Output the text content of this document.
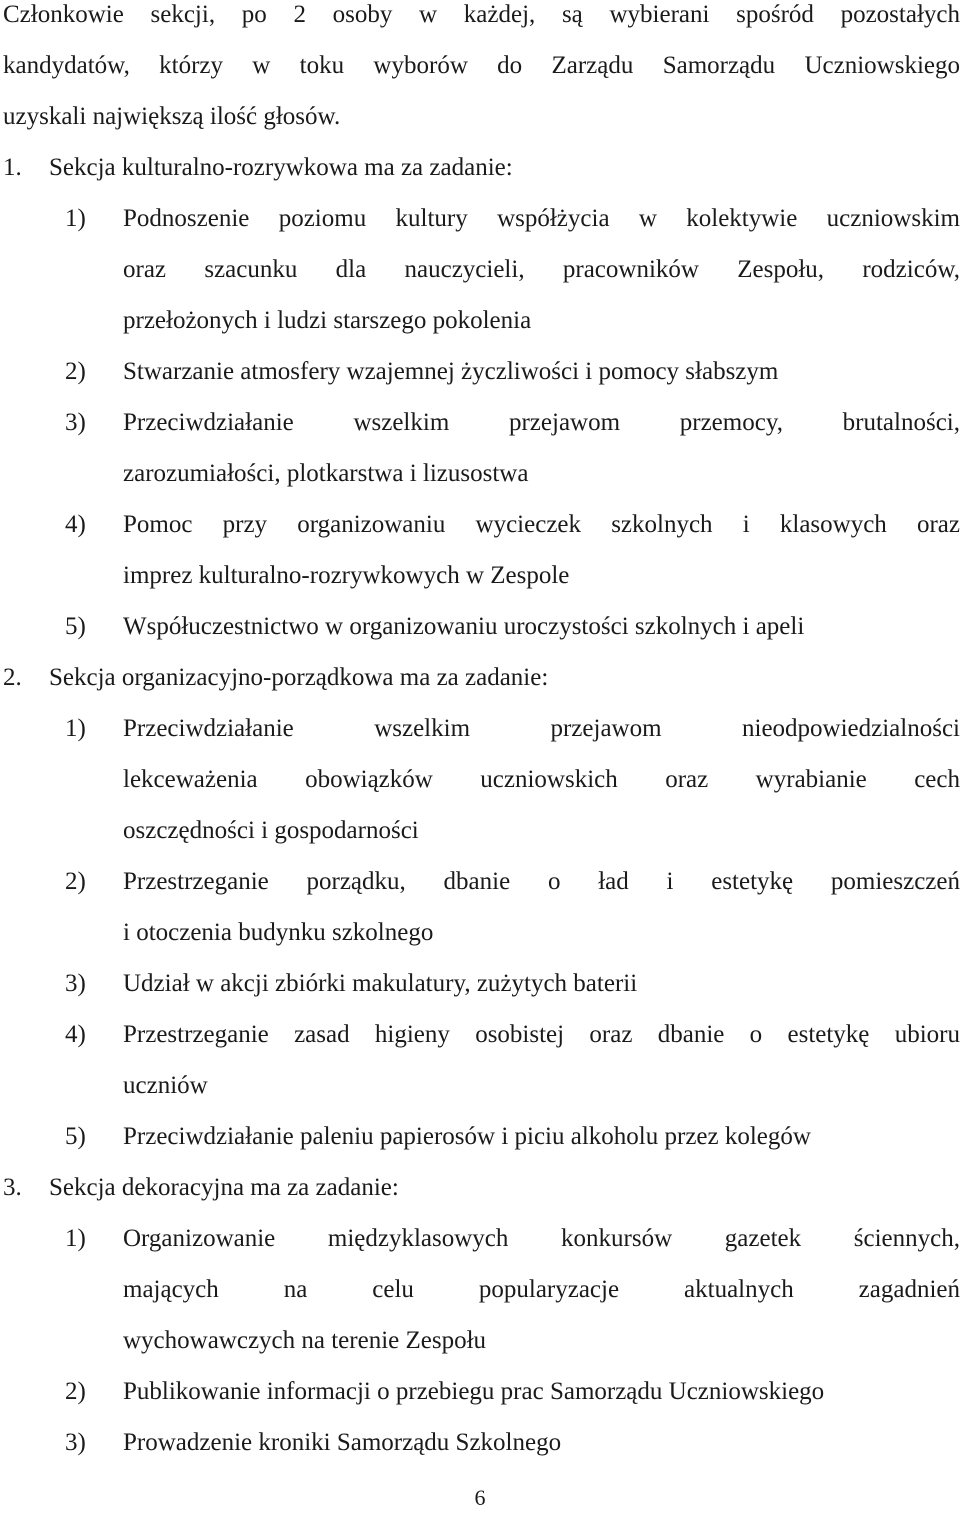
Członkowie sekcji, po 2 osoby w każdej, są wybierani spośród pozostałych
kandydatów, którzy w toku wyborów do Zarządu Samorządu Uczniowskiego
uzyskali największą ilość głosów.

1.	Sekcja kulturalno-rozrywkowa ma za zadanie:
1)	Podnoszenie poziomu kultury współżycia w kolektywie uczniowskim
oraz szacunku dla nauczycieli, pracowników Zespołu, rodziców,
przełożonych i ludzi starszego pokolenia
2)	Stwarzanie atmosfery wzajemnej życzliwości i pomocy słabszym
3)	Przeciwdziałanie wszelkim przejawom przemocy, brutalności,
zarozumiałości, plotkarstwa i lizusostwa
4)	Pomoc przy organizowaniu wycieczek szkolnych i klasowych oraz
imprez kulturalno-rozrywkowych w Zespole
5)	Współuczestnictwo w organizowaniu uroczystości szkolnych i apeli
2.	Sekcja organizacyjno-porządkowa ma za zadanie:
1)	Przeciwdziałanie wszelkim przejawom nieodpowiedzialności
lekceważenia obowiązków uczniowskich oraz wyrabianie cech
oszczędności i gospodarności
2)	Przestrzeganie porządku, dbanie o ład i estetykę pomieszczeń
i otoczenia budynku szkolnego
3)	Udział w akcji zbiórki makulatury, zużytych baterii
4)	Przestrzeganie zasad higieny osobistej oraz dbanie o estetykę ubioru
uczniów
5)	Przeciwdziałanie paleniu papierosów i piciu alkoholu przez kolegów
3.	Sekcja dekoracyjna ma za zadanie:
1)	Organizowanie międzyklasowych konkursów gazetek ściennych,
mających na celu popularyzacje aktualnych zagadnień
wychowawczych na terenie Zespołu
2)	Publikowanie informacji o przebiegu prac Samorządu Uczniowskiego
3)	Prowadzenie kroniki Samorządu Szkolnego
6
